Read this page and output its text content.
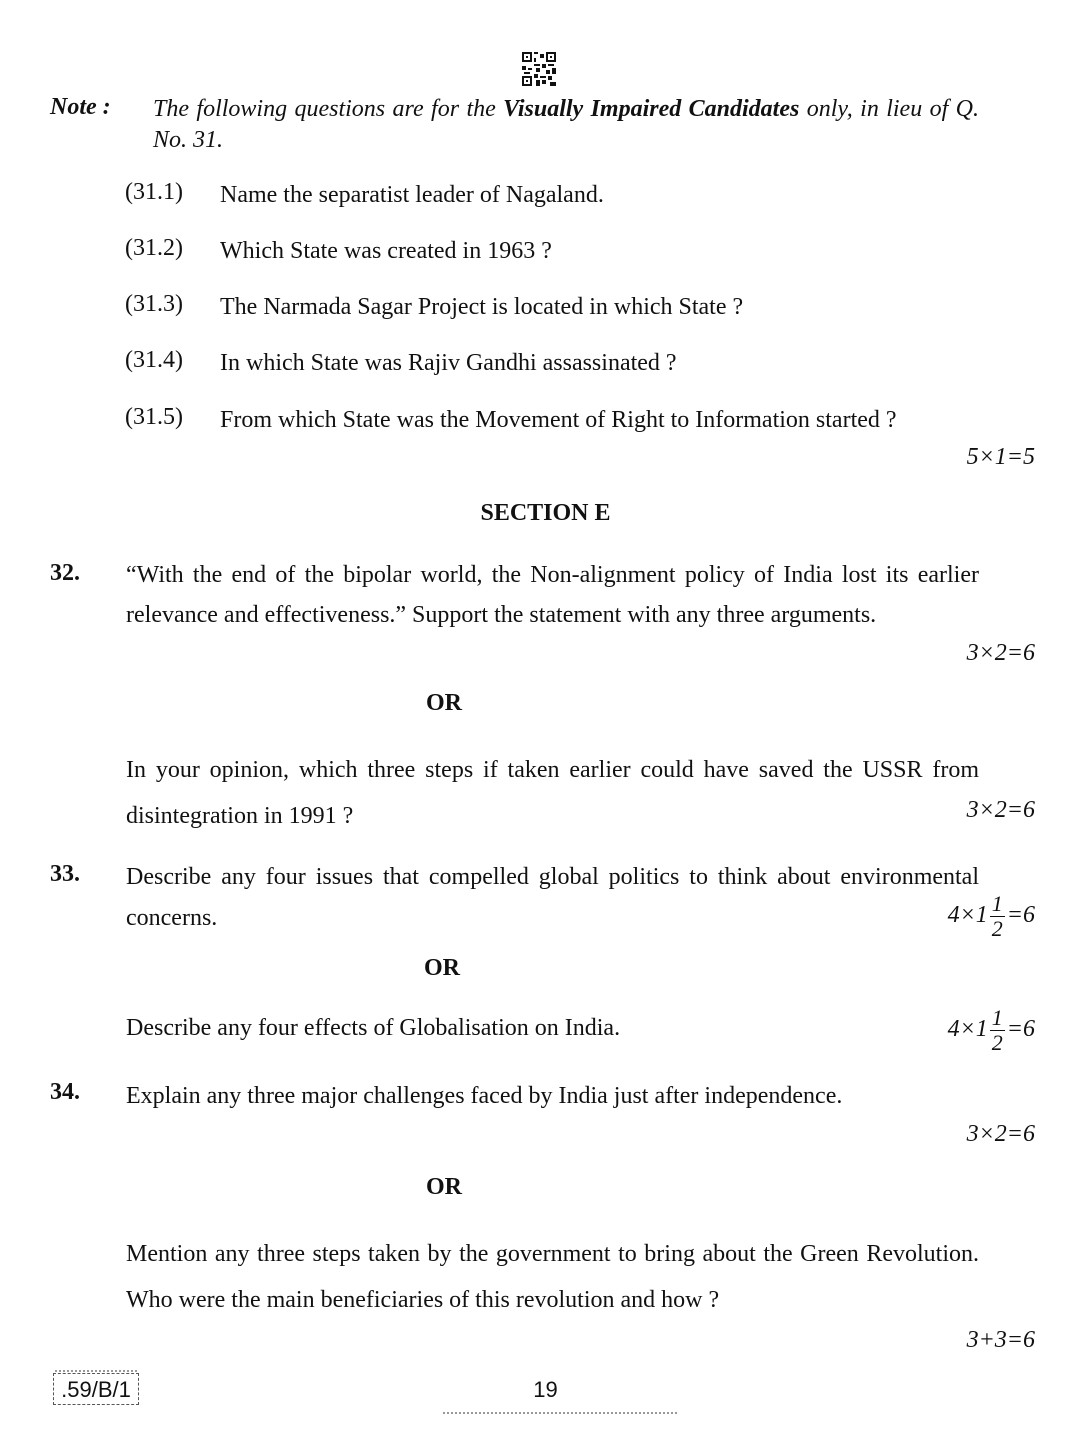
Note : The following questions are for the Visually Impaired Candidates only, in lieu of Q. No. 31.
(31.1) Name the separatist leader of Nagaland.
(31.2) Which State was created in 1963 ?
(31.3) The Narmada Sagar Project is located in which State ?
(31.4) In which State was Rajiv Gandhi assassinated ?
(31.5) From which State was the Movement of Right to Information started ?
5×1=5
SECTION E
32. “With the end of the bipolar world, the Non-alignment policy of India lost its earlier relevance and effectiveness.” Support the statement with any three arguments.
3×2=6
OR
In your opinion, which three steps if taken earlier could have saved the USSR from disintegration in 1991 ?	3×2=6
33. Describe any four issues that compelled global politics to think about environmental concerns.	$4\times 1 \frac{1}{2} =6$
OR
Describe any four effects of Globalisation on India.	$4\times 1 \frac{1}{2} =6$
34. Explain any three major challenges faced by India just after independence.
3×2=6
OR
Mention any three steps taken by the government to bring about the Green Revolution. Who were the main beneficiaries of this revolution and how ?
3+3=6
.59/B/1	19
